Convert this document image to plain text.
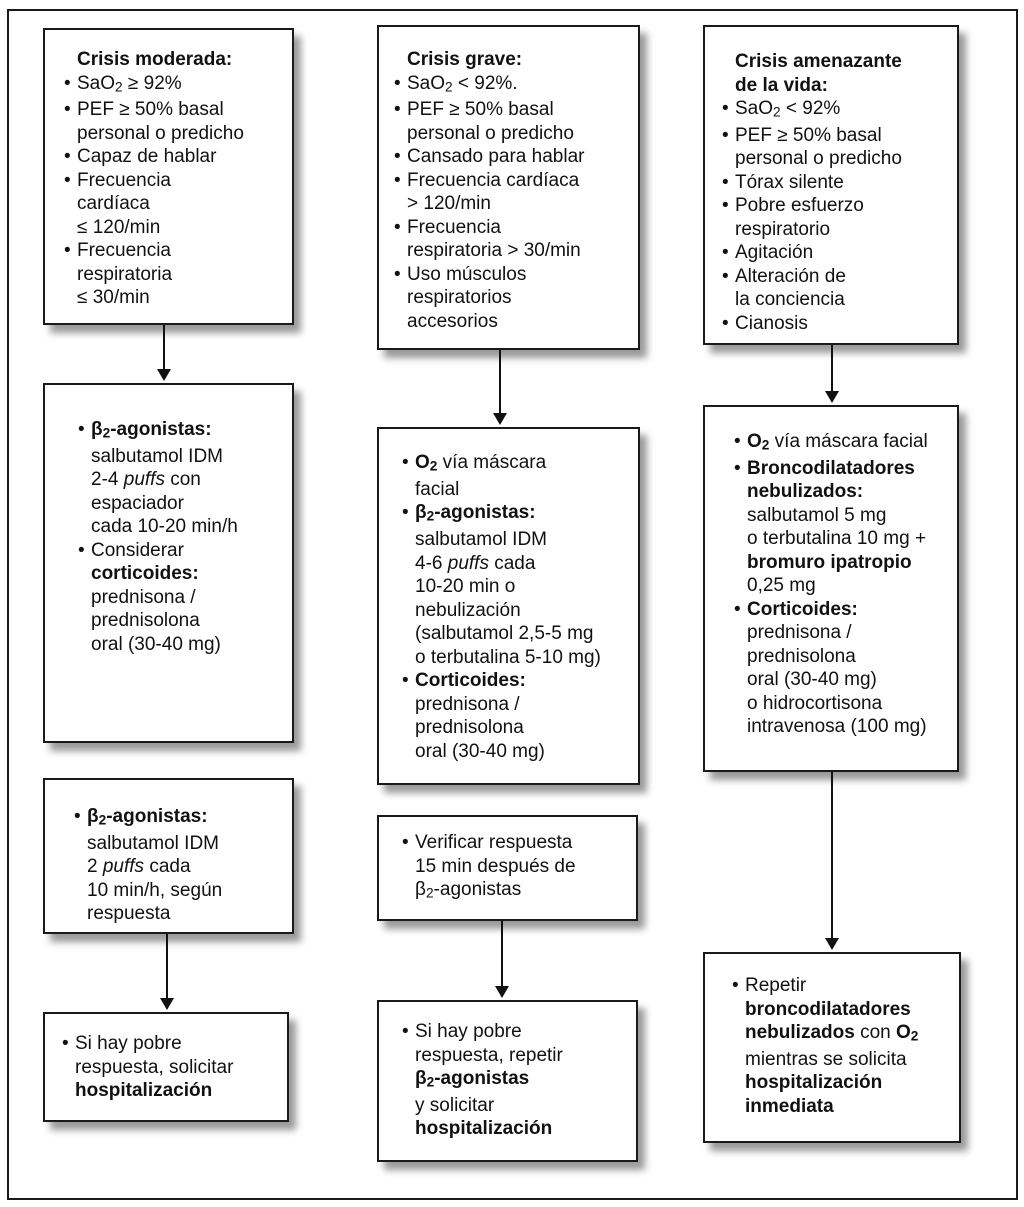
Crisis moderada:
• SaO2 ≥ 92%
• PEF ≥ 50% basal
personal o predicho
• Capaz de hablar
• Frecuencia
cardíaca
≤ 120/min
• Frecuencia
respiratoria
≤ 30/min
• β2-agonistas:
salbutamol IDM
2-4 puffs con
espaciador
cada 10-20 min/h
• Considerar
corticoides:
prednisona /
prednisolona
oral (30-40 mg)
• β2-agonistas:
salbutamol IDM
2 puffs cada
10 min/h, según
respuesta
• Si hay pobre
respuesta, solicitar
hospitalización
Crisis grave:
• SaO2 < 92%.
• PEF ≥ 50% basal
personal o predicho
• Cansado para hablar
• Frecuencia cardíaca
> 120/min
• Frecuencia
respiratoria > 30/min
• Uso músculos
respiratorios
accesorios
• O2 vía máscara
facial
• β2-agonistas:
salbutamol IDM
4-6 puffs cada
10-20 min o
nebulización
(salbutamol 2,5-5 mg
o terbutalina 5-10 mg)
• Corticoides:
prednisona /
prednisolona
oral (30-40 mg)
• Verificar respuesta
15 min después de
β2-agonistas
• Si hay pobre
respuesta, repetir
β2-agonistas
y solicitar
hospitalización
Crisis amenazante
de la vida:
• SaO2 < 92%
• PEF ≥ 50% basal
personal o predicho
• Tórax silente
• Pobre esfuerzo
respiratorio
• Agitación
• Alteración de
la conciencia
• Cianosis
• O2 vía máscara facial
• Broncodilatadores
nebulizados:
salbutamol 5 mg
o terbutalina 10 mg +
bromuro ipatropio
0,25 mg
• Corticoides:
prednisona /
prednisolona
oral (30-40 mg)
o hidrocortisona
intravenosa (100 mg)
• Repetir
broncodilatadores
nebulizados con O2
mientras se solicita
hospitalización
inmediata
